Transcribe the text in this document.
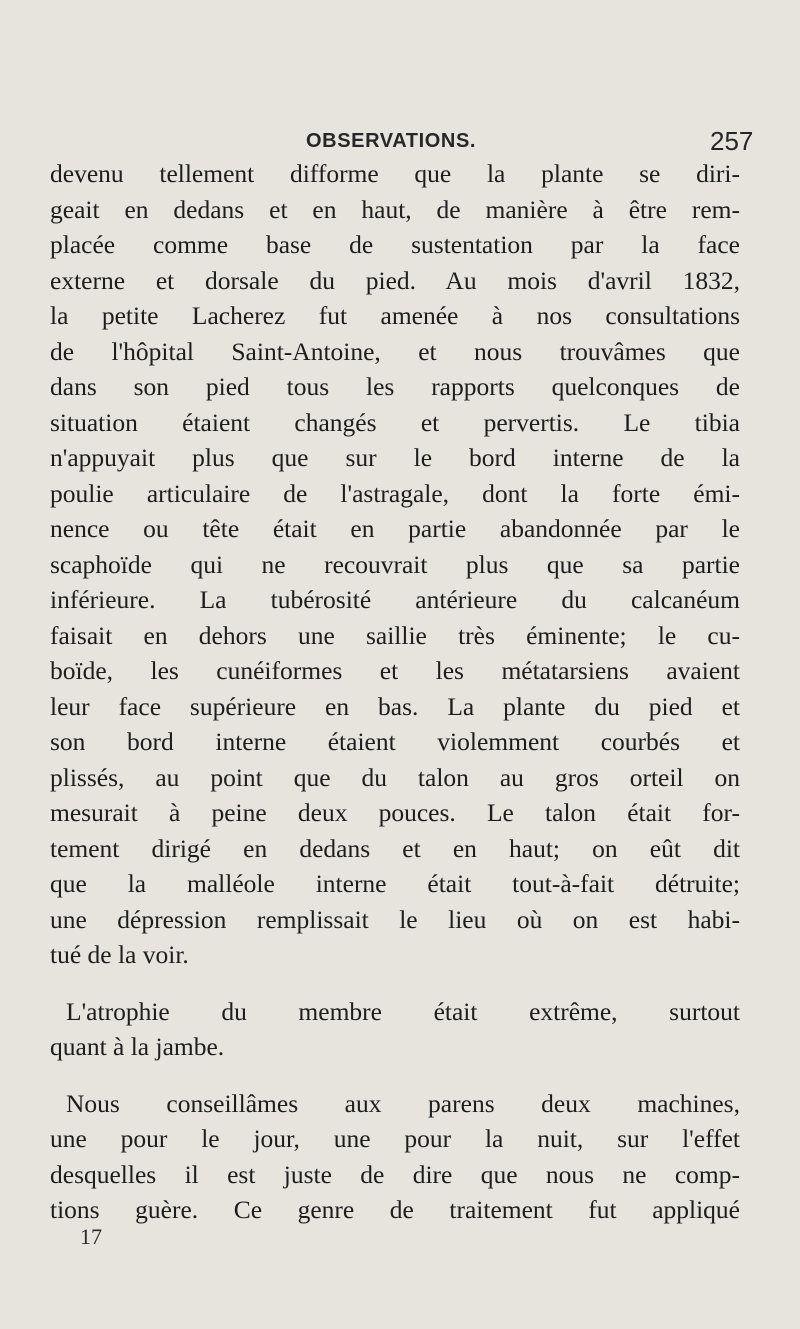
OBSERVATIONS.	257
devenu tellement difforme que la plante se diri-
geait en dedans et en haut, de manière à être rem-
placée comme base de sustentation par la face
externe et dorsale du pied. Au mois d'avril 1832,
la petite Lacherez fut amenée à nos consultations
de l'hôpital Saint-Antoine, et nous trouvâmes que
dans son pied tous les rapports quelconques de
situation étaient changés et pervertis. Le tibia
n'appuyait plus que sur le bord interne de la
poulie articulaire de l'astragale, dont la forte émi-
nence ou tête était en partie abandonnée par le
scaphoïde qui ne recouvrait plus que sa partie
inférieure. La tubérosité antérieure du calcanéum
faisait en dehors une saillie très éminente; le cu-
boïde, les cunéiformes et les métatarsiens avaient
leur face supérieure en bas. La plante du pied et
son bord interne étaient violemment courbés et
plissés, au point que du talon au gros orteil on
mesurait à peine deux pouces. Le talon était for-
tement dirigé en dedans et en haut; on eût dit
que la malléole interne était tout-à-fait détruite;
une dépression remplissait le lieu où on est habi-
tué de la voir.
L'atrophie du membre était extrême, surtout
quant à la jambe.
Nous conseillâmes aux parens deux machines,
une pour le jour, une pour la nuit, sur l'effet
desquelles il est juste de dire que nous ne comp-
tions guère. Ce genre de traitement fut appliqué
17
